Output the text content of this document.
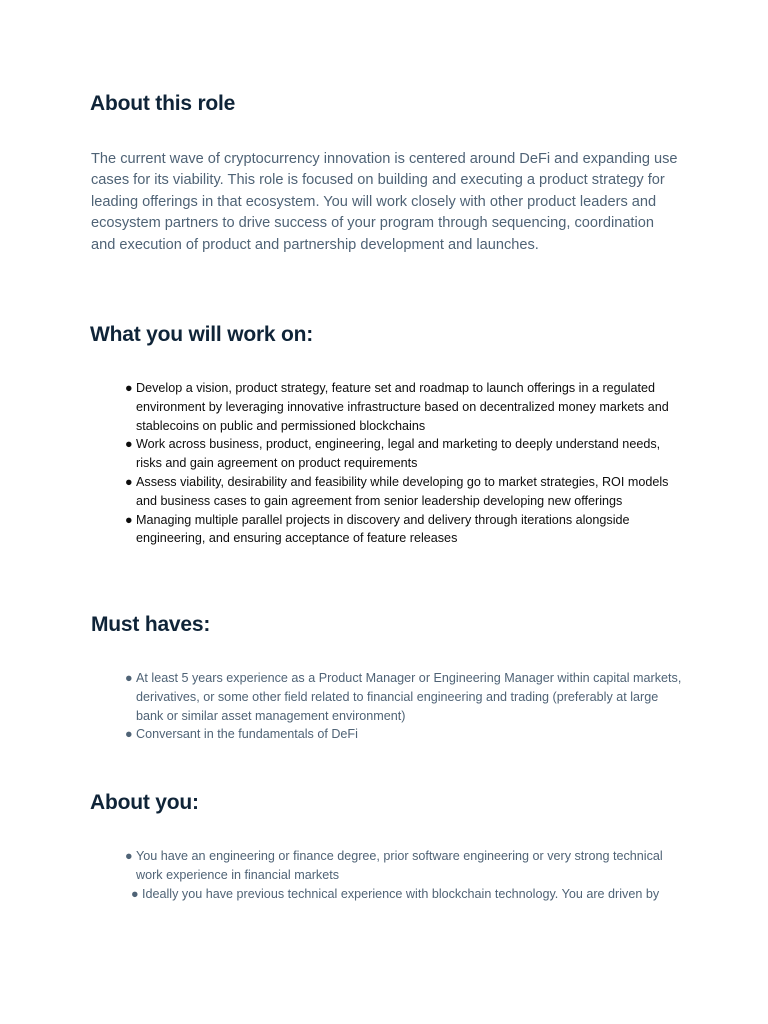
About this role

The current wave of cryptocurrency innovation is centered around DeFi and expanding use cases for its viability. This role is focused on building and executing a product strategy for leading offerings in that ecosystem. You will work closely with other product leaders and ecosystem partners to drive success of your program through sequencing, coordination and execution of product and partnership development and launches.

What you will work on:
● Develop a vision, product strategy, feature set and roadmap to launch offerings in a regulated environment by leveraging innovative infrastructure based on decentralized money markets and stablecoins on public and permissioned blockchains
● Work across business, product, engineering, legal and marketing to deeply understand needs, risks and gain agreement on product requirements
● Assess viability, desirability and feasibility while developing go to market strategies, ROI models and business cases to gain agreement from senior leadership developing new offerings
● Managing multiple parallel projects in discovery and delivery through iterations alongside engineering, and ensuring acceptance of feature releases
Must haves:
● At least 5 years experience as a Product Manager or Engineering Manager within capital markets, derivatives, or some other field related to financial engineering and trading (preferably at large bank or similar asset management environment)
● Conversant in the fundamentals of DeFi
About you:
● You have an engineering or finance degree, prior software engineering or very strong technical work experience in financial markets
● Ideally you have previous technical experience with blockchain technology. You are driven by
